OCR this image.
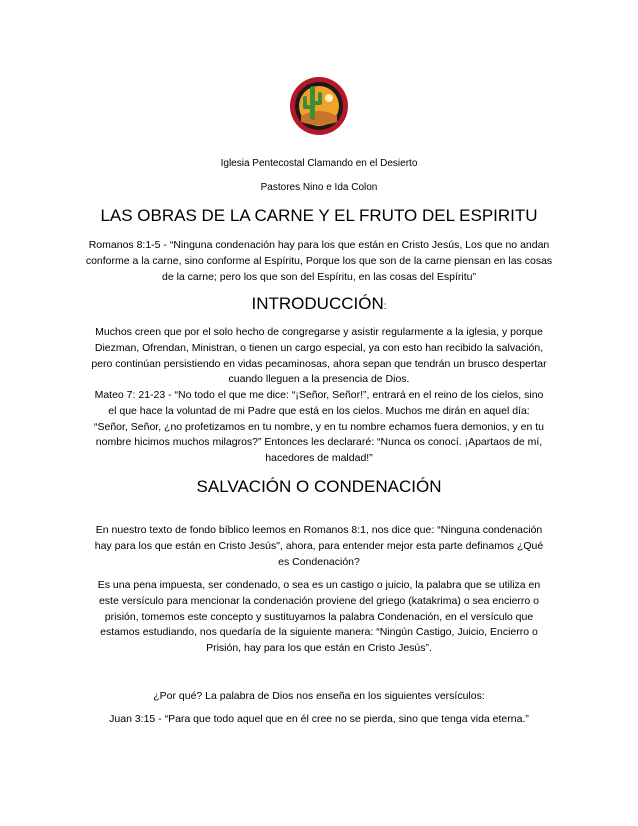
Iglesia Pentecostal Clamando en el Desierto
Pastores Nino e Ida Colon
LAS OBRAS DE LA CARNE Y EL FRUTO DEL ESPIRITU
Romanos 8:1-5 - “Ninguna condenación hay para los que están en Cristo Jesús, Los que no andan conforme a la carne, sino conforme al Espíritu, Porque los que son de la carne piensan en las cosas de la carne; pero los que son del Espíritu, en las cosas del Espíritu”
INTRODUCCIÓN:
Muchos creen que por el solo hecho de congregarse y asistir regularmente a la iglesia, y porque Diezman, Ofrendan, Ministran, o tienen un cargo especial, ya con esto han recibido la salvación, pero continúan persistiendo en vidas pecaminosas, ahora sepan que tendrán un brusco despertar cuando lleguen a la presencia de Dios.
Mateo 7: 21-23 - “No todo el que me dice: “¡Señor, Señor!”, entrará en el reino de los cielos, sino el que hace la voluntad de mi Padre que está en los cielos. Muchos me dirán en aquel día: “Señor, Señor, ¿no profetizamos en tu nombre, y en tu nombre echamos fuera demonios, y en tu nombre hicimos muchos milagros?” Entonces les declararé: “Nunca os conocí. ¡Apartaos de mí, hacedores de maldad!”
SALVACIÓN O CONDENACIÓN
En nuestro texto de fondo bíblico leemos en Romanos 8:1, nos dice que: “Ninguna condenación hay para los que están en Cristo Jesús", ahora, para entender mejor esta parte definamos ¿Qué es Condenación?
Es una pena impuesta, ser condenado, o sea es un castigo o juicio, la palabra que se utiliza en este versículo para mencionar la condenación proviene del griego (katakrima) o sea encierro o prisión, tomemos este concepto y sustituyamos la palabra Condenación, en el versículo que estamos estudiando, nos quedaría de la siguiente manera: “Ningún Castigo, Juicio, Encierro o Prisión, hay para los que están en Cristo Jesús”.
¿Por qué? La palabra de Dios nos enseña en los siguientes versículos:
Juan 3:15 - “Para que todo aquel que en él cree no se pierda, sino que tenga vida eterna.”
